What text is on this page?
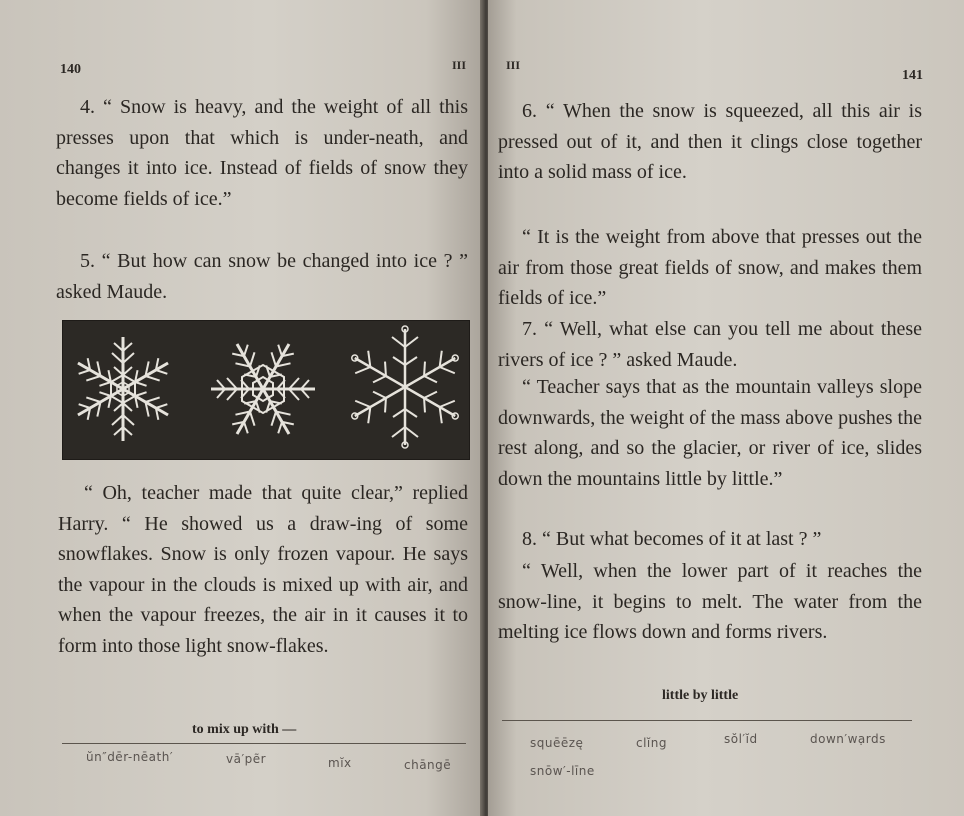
140	III

4. “ Snow is heavy, and the weight of all this presses upon that which is under-neath, and changes it into ice. Instead of fields of snow they become fields of ice.”

5. “ But how can snow be changed into ice ? ” asked Maude.

“ Oh, teacher made that quite clear,” replied Harry. “ He showed us a draw-ing of some snowflakes. Snow is only frozen vapour. He says the vapour in the clouds is mixed up with air, and when the vapour freezes, the air in it causes it to form into those light snow-flakes.

to mix up with —
ŭn″dēr-nēath′	vā′pẽr	mĭx	chāngē
III
141

6. “ When the snow is squeezed, all this air is pressed out of it, and then it clings close together into a solid mass of ice.

“ It is the weight from above that presses out the air from those great fields of snow, and makes them fields of ice.”

7. “ Well, what else can you tell me about these rivers of ice ? ” asked Maude.

“ Teacher says that as the mountain valleys slope downwards, the weight of the mass above pushes the rest along, and so the glacier, or river of ice, slides down the mountains little by little.”

8. “ But what becomes of it at last ? ”

“ Well, when the lower part of it reaches the snow-line, it begins to melt. The water from the melting ice flows down and forms rivers.

little by little
squēēzę	clĭng	sŏl′ĭd	down′wạrds
snōw′-līne
